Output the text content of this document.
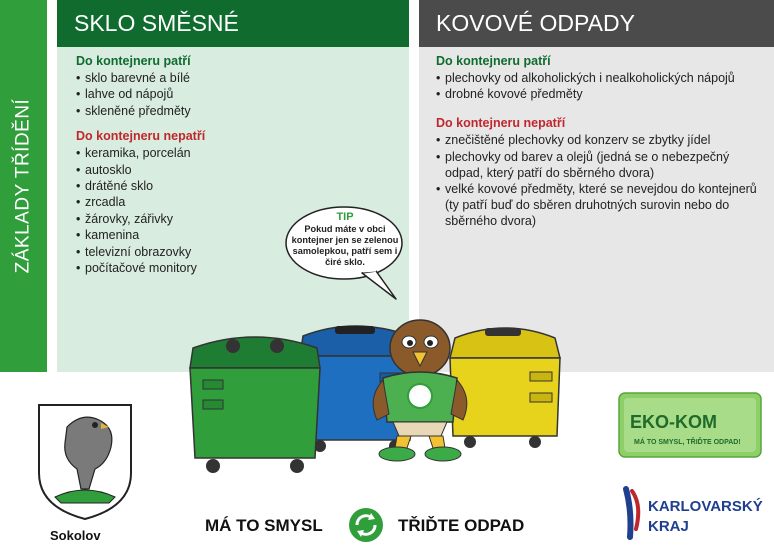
ZÁKLADY TŘÍDĚNÍ
SKLO SMĚSNÉ
Do kontejneru patří
• sklo barevné a bílé
• lahve od nápojů
• skleněné předměty
Do kontejneru nepatří
• keramika, porcelán
• autosklo
• drátěné sklo
• zrcadla
• žárovky, zářivky
• kamenina
• televizní obrazovky
• počítačové monitory
KOVOVÉ ODPADY
Do kontejneru patří
• plechovky od alkoholických i nealkoholických nápojů
• drobné kovové předměty
Do kontejneru nepatří
• znečištěné plechovky od konzerv se zbytky jídel
• plechovky od barev a olejů (jedná se o nebezpečný odpad, který patří do sběrného dvora)
• velké kovové předměty, které se nevejdou do kontejnerů (ty patří buď do sběren druhotných surovin nebo do sběrného dvora)
TIP
Pokud máte v obci kontejner jen se zelenou samolepkou, patří sem i čiré sklo.
Sokolov
MÁ TO SMYSL	TŘIĎTE ODPAD
EKO-KOM
MÁ TO SMYSL, TŘIĎTE ODPAD!
KARLOVARSKÝ
KRAJ
